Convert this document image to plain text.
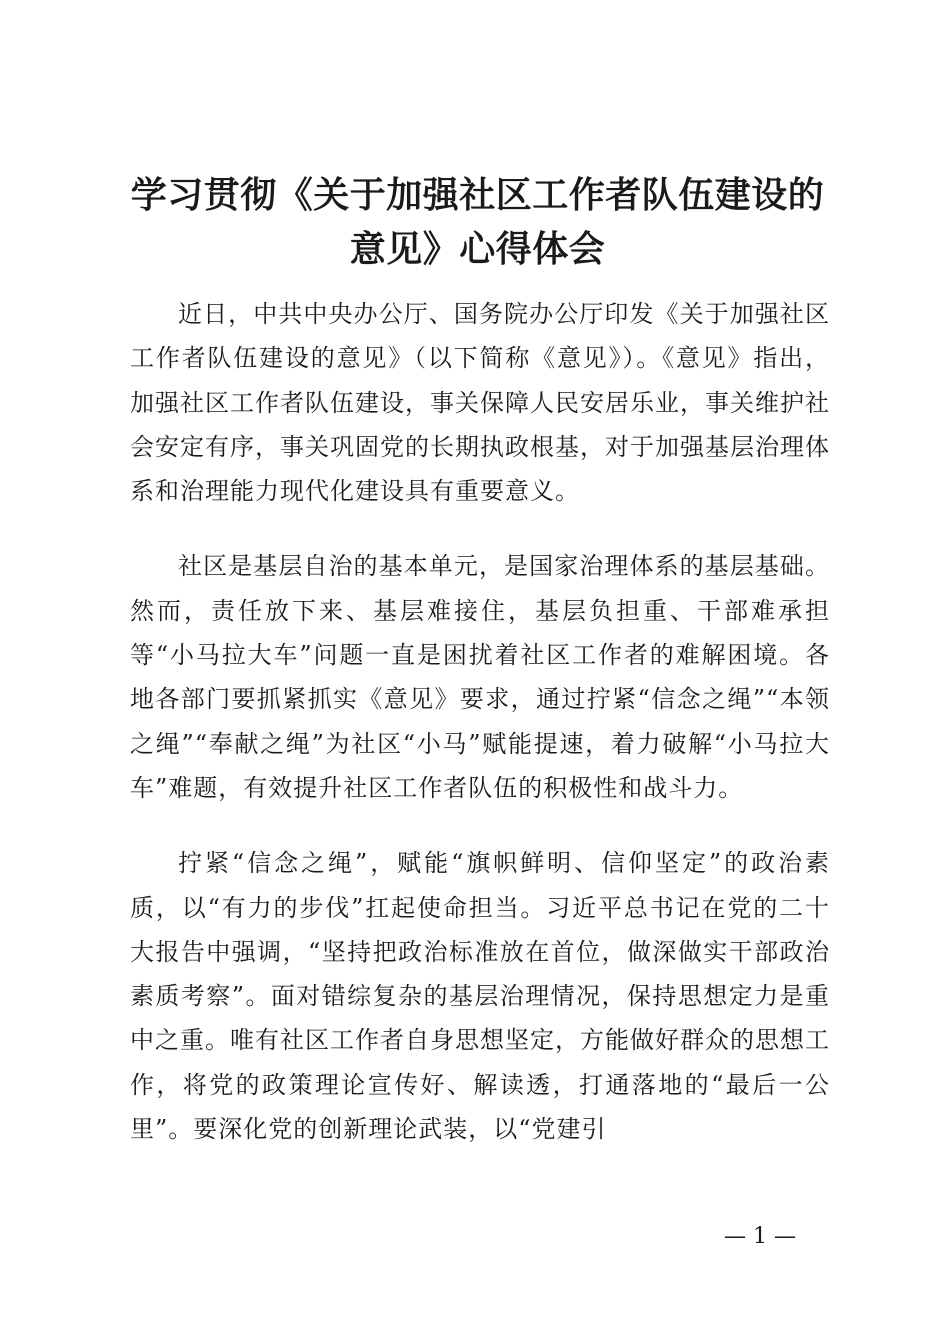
学习贯彻《关于加强社区工作者队伍建设的意见》心得体会

近日，中共中央办公厅、国务院办公厅印发《关于加强社区工作者队伍建设的意见》（以下简称《意见》）。《意见》指出，加强社区工作者队伍建设，事关保障人民安居乐业，事关维护社会安定有序，事关巩固党的长期执政根基，对于加强基层治理体系和治理能力现代化建设具有重要意义。

社区是基层自治的基本单元，是国家治理体系的基层基础。然而，责任放下来、基层难接住，基层负担重、干部难承担等“小马拉大车”问题一直是困扰着社区工作者的难解困境。各地各部门要抓紧抓实《意见》要求，通过拧紧“信念之绳”“本领之绳”“奉献之绳”为社区“小马”赋能提速，着力破解“小马拉大车”难题，有效提升社区工作者队伍的积极性和战斗力。

拧紧“信念之绳”，赋能“旗帜鲜明、信仰坚定”的政治素质，以“有力的步伐”扛起使命担当。习近平总书记在党的二十大报告中强调，“坚持把政治标准放在首位，做深做实干部政治素质考察”。面对错综复杂的基层治理情况，保持思想定力是重中之重。唯有社区工作者自身思想坚定，方能做好群众的思想工作，将党的政策理论宣传好、解读透，打通落地的“最后一公里”。要深化党的创新理论武装，以“党建引

— 1 —
